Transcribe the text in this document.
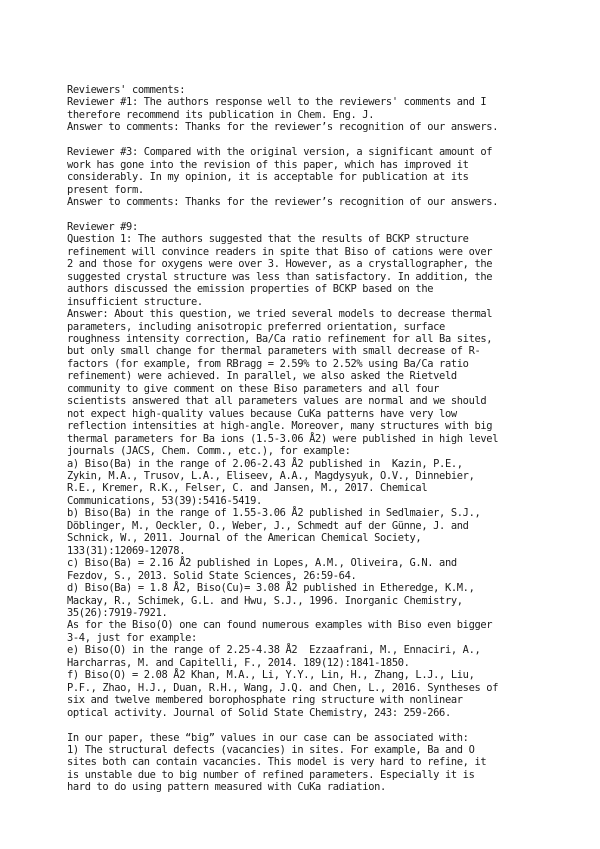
Reviewers' comments:
Reviewer #1: The authors response well to the reviewers' comments and I
therefore recommend its publication in Chem. Eng. J.
Answer to comments: Thanks for the reviewer’s recognition of our answers.
Reviewer #3: Compared with the original version, a significant amount of
work has gone into the revision of this paper, which has improved it
considerably. In my opinion, it is acceptable for publication at its
present form.
Answer to comments: Thanks for the reviewer’s recognition of our answers.
Reviewer #9:
Question 1: The authors suggested that the results of BCKP structure
refinement will convince readers in spite that Biso of cations were over
2 and those for oxygens were over 3. However, as a crystallographer, the
suggested crystal structure was less than satisfactory. In addition, the
authors discussed the emission properties of BCKP based on the
insufficient structure.
Answer: About this question, we tried several models to decrease thermal
parameters, including anisotropic preferred orientation, surface
roughness intensity correction, Ba/Ca ratio refinement for all Ba sites,
but only small change for thermal parameters with small decrease of R-
factors (for example, from RBragg = 2.59% to 2.52% using Ba/Ca ratio
refinement) were achieved. In parallel, we also asked the Rietveld
community to give comment on these Biso parameters and all four
scientists answered that all parameters values are normal and we should
not expect high-quality values because CuKa patterns have very low
reflection intensities at high-angle. Moreover, many structures with big
thermal parameters for Ba ions (1.5-3.06 Å2) were published in high level
journals (JACS, Chem. Comm., etc.), for example:
a) Biso(Ba) in the range of 2.06-2.43 Å2 published in  Kazin, P.E.,
Zykin, M.A., Trusov, L.A., Eliseev, A.A., Magdysyuk, O.V., Dinnebier,
R.E., Kremer, R.K., Felser, C. and Jansen, M., 2017. Chemical
Communications, 53(39):5416-5419.
b) Biso(Ba) in the range of 1.55-3.06 Å2 published in Sedlmaier, S.J.,
Döblinger, M., Oeckler, O., Weber, J., Schmedt auf der Günne, J. and
Schnick, W., 2011. Journal of the American Chemical Society,
133(31):12069-12078.
c) Biso(Ba) = 2.16 Å2 published in Lopes, A.M., Oliveira, G.N. and
Fezdov, S., 2013. Solid State Sciences, 26:59-64.
d) Biso(Ba) = 1.8 Å2, Biso(Cu)= 3.08 Å2 published in Etheredge, K.M.,
Mackay, R., Schimek, G.L. and Hwu, S.J., 1996. Inorganic Chemistry,
35(26):7919-7921.
As for the Biso(O) one can found numerous examples with Biso even bigger
3-4, just for example:
e) Biso(O) in the range of 2.25-4.38 Å2  Ezzaafrani, M., Ennaciri, A.,
Harcharras, M. and Capitelli, F., 2014. 189(12):1841-1850.
f) Biso(O) = 2.08 Å2 Khan, M.A., Li, Y.Y., Lin, H., Zhang, L.J., Liu,
P.F., Zhao, H.J., Duan, R.H., Wang, J.Q. and Chen, L., 2016. Syntheses of
six and twelve membered borophosphate ring structure with nonlinear
optical activity. Journal of Solid State Chemistry, 243: 259-266.
In our paper, these “big” values in our case can be associated with:
1) The structural defects (vacancies) in sites. For example, Ba and O
sites both can contain vacancies. This model is very hard to refine, it
is unstable due to big number of refined parameters. Especially it is
hard to do using pattern measured with CuKa radiation.
